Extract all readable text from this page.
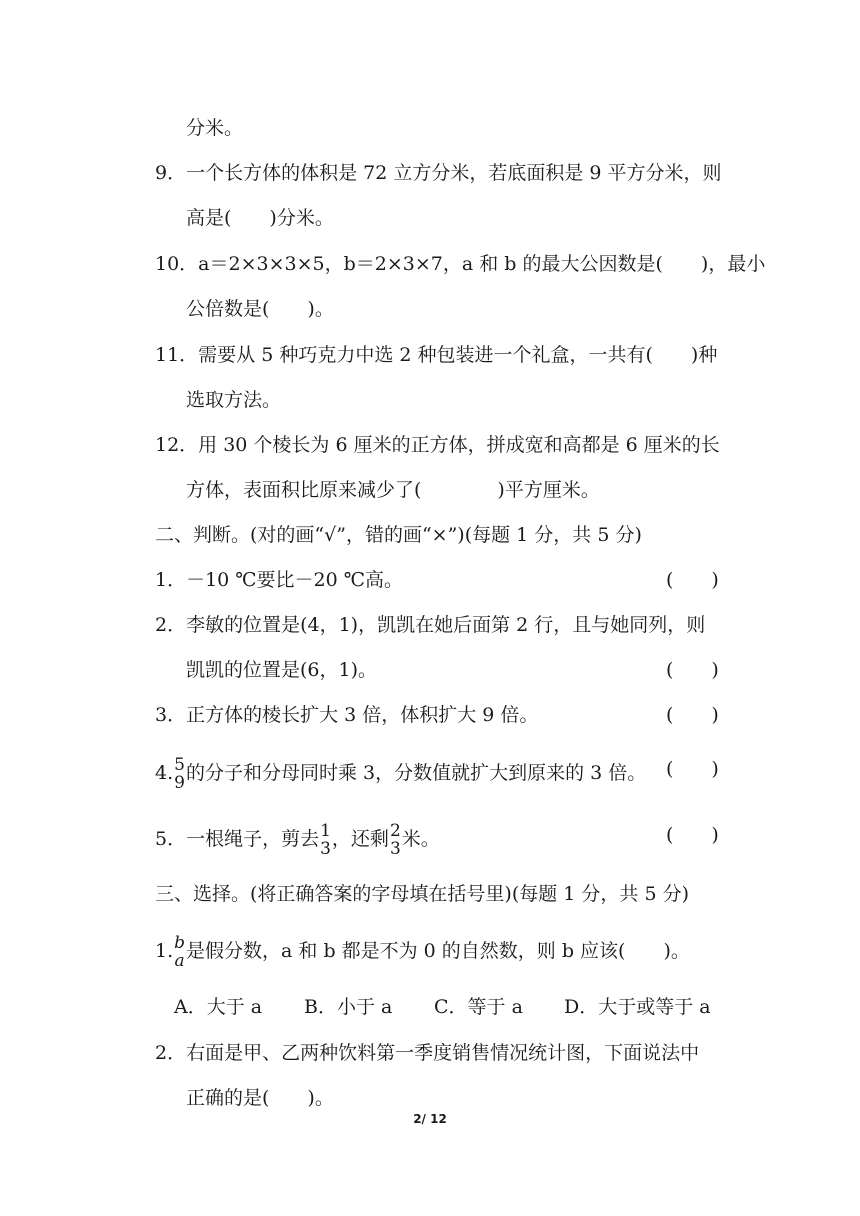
分米。
9．一个长方体的体积是 72 立方分米，若底面积是 9 平方分米，则
高是(　　)分米。
10．a＝2×3×3×5，b＝2×3×7，a 和 b 的最大公因数是(　　)，最小
公倍数是(　　)。
11．需要从 5 种巧克力中选 2 种包装进一个礼盒，一共有(　　)种
选取方法。
12．用 30 个棱长为 6 厘米的正方体，拼成宽和高都是 6 厘米的长
方体，表面积比原来减少了(　　　　)平方厘米。
二、判断。(对的画“√”，错的画“×”)(每题 1 分，共 5 分)
1．－10 ℃要比－20 ℃高。	(　　)
2．李敏的位置是(4，1)，凯凯在她后面第 2 行，且与她同列，则
凯凯的位置是(6，1)。	(　　)
3．正方体的棱长扩大 3 倍，体积扩大 9 倍。	(　　)
4. 5
9 的分子和分母同时乘 3，分数值就扩大到原来的 3 倍。 (　　)
5．一根绳子，剪去 1
3 ，还剩 2
3 米。	(　　)
三、选择。(将正确答案的字母填在括号里)(每题 1 分，共 5 分)
1. b
a 是假分数，a 和 b 都是不为 0 的自然数，则 b 应该(　　)。
A．大于 a B．小于 a C．等于 a D．大于或等于 a
2．右面是甲、乙两种饮料第一季度销售情况统计图，下面说法中
正确的是(　　)。
2/ 12
